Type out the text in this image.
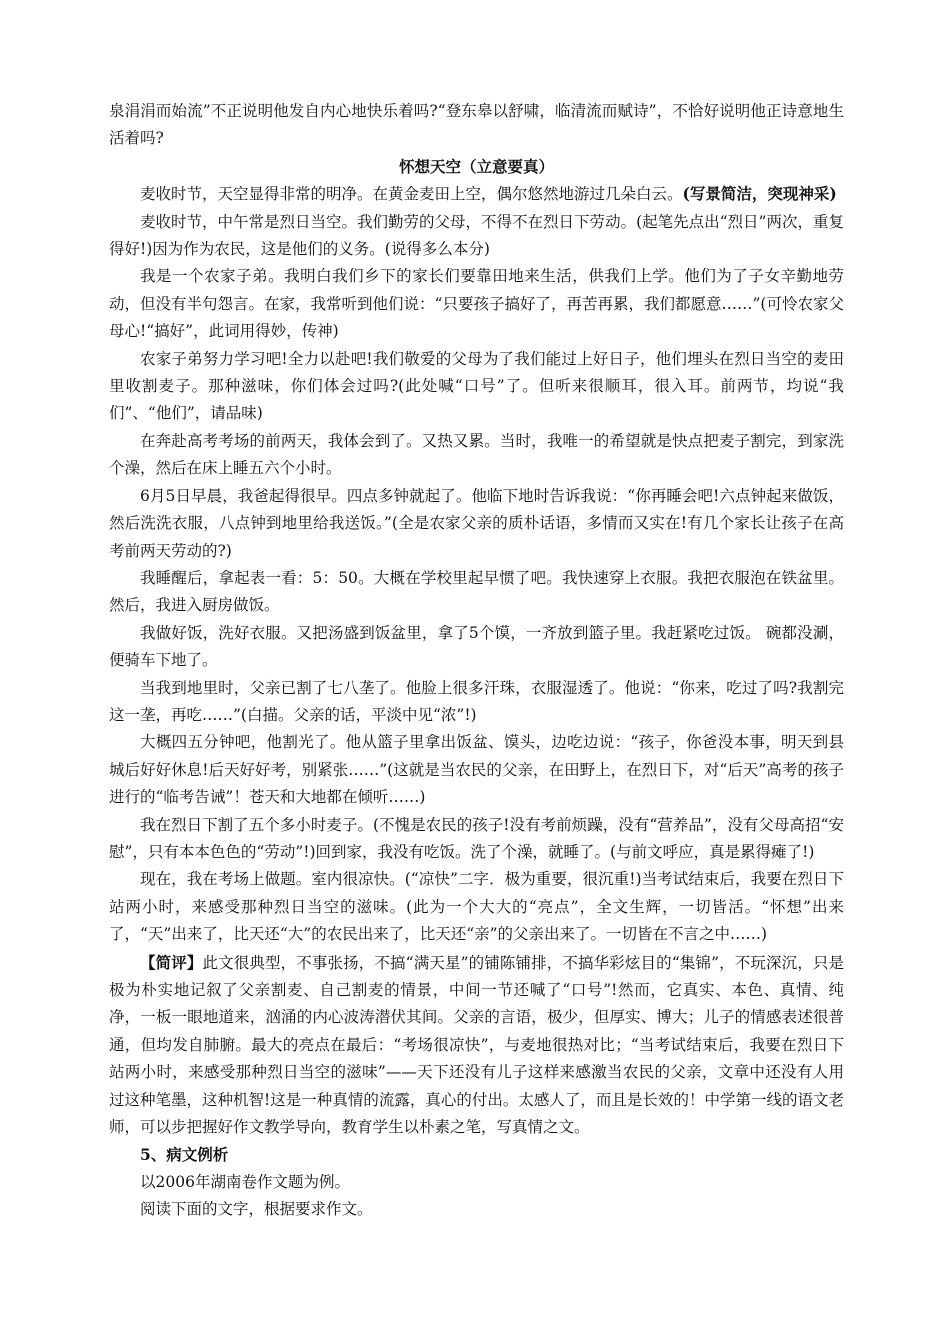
泉涓涓而始流”不正说明他发自内心地快乐着吗?“登东皋以舒啸，临清流而赋诗”，不恰好说明他正诗意地生活着吗?

怀想天空（立意要真）

麦收时节，天空显得非常的明净。在黄金麦田上空，偶尔悠然地游过几朵白云。(写景简洁，突现神采)

麦收时节，中午常是烈日当空。我们勤劳的父母，不得不在烈日下劳动。(起笔先点出“烈日”两次，重复得好!)因为作为农民，这是他们的义务。(说得多么本分)

我是一个农家子弟。我明白我们乡下的家长们要靠田地来生活，供我们上学。他们为了子女辛勤地劳动，但没有半句怨言。在家，我常听到他们说：“只要孩子搞好了，再苦再累，我们都愿意……”(可怜农家父母心!“搞好”，此词用得妙，传神)

农家子弟努力学习吧!全力以赴吧!我们敬爱的父母为了我们能过上好日子，他们埋头在烈日当空的麦田里收割麦子。那种滋味，你们体会过吗?(此处喊“口号”了。但听来很顺耳，很入耳。前两节，均说“我们”、“他们”，请品味)

在奔赴高考考场的前两天，我体会到了。又热又累。当时，我唯一的希望就是快点把麦子割完，到家洗个澡，然后在床上睡五六个小时。

6月5日早晨，我爸起得很早。四点多钟就起了。他临下地时告诉我说：“你再睡会吧!六点钟起来做饭，然后洗洗衣服，八点钟到地里给我送饭。”(全是农家父亲的质朴话语，多情而又实在!有几个家长让孩子在高考前两天劳动的?)

我睡醒后，拿起表一看：5：50。大概在学校里起早惯了吧。我快速穿上衣服。我把衣服泡在铁盆里。然后，我进入厨房做饭。

我做好饭，洗好衣服。又把汤盛到饭盆里，拿了5个馍，一齐放到篮子里。我赶紧吃过饭。 碗都没涮，便骑车下地了。

当我到地里时，父亲已割了七八垄了。他脸上很多汗珠，衣服湿透了。他说：“你来，吃过了吗?我割完这一垄，再吃……”(白描。父亲的话，平淡中见“浓”!)

大概四五分钟吧，他割光了。他从篮子里拿出饭盆、馍头，边吃边说：“孩子，你爸没本事，明天到县城后好好休息!后天好好考，别紧张……”(这就是当农民的父亲，在田野上，在烈日下，对“后天”高考的孩子进行的“临考告诫”！苍天和大地都在倾听……)

我在烈日下割了五个多小时麦子。(不愧是农民的孩子!没有考前烦躁，没有“营养品”，没有父母高招“安慰”，只有本本色色的“劳动”!)回到家，我没有吃饭。洗了个澡，就睡了。(与前文呼应，真是累得瘫了!)

现在，我在考场上做题。室内很凉快。(“凉快”二字．极为重要，很沉重!)当考试结束后，我要在烈日下站两小时，来感受那种烈日当空的滋味。(此为一个大大的“亮点”，全文生辉，一切皆活。“怀想”出来了，“天”出来了，比天还“大”的农民出来了，比天还“亲”的父亲出来了。一切皆在不言之中……)

【简评】此文很典型，不事张扬，不搞“满天星”的铺陈铺排，不搞华彩炫目的“集锦”，不玩深沉，只是极为朴实地记叙了父亲割麦、自己割麦的情景，中间一节还喊了“口号”!然而，它真实、本色、真情、纯净，一板一眼地道来，汹涌的内心波涛潜伏其间。父亲的言语，极少，但厚实、博大；儿子的情感表述很普通，但均发自肺腑。最大的亮点在最后：“考场很凉快”，与麦地很热对比；“当考试结束后，我要在烈日下站两小时，来感受那种烈日当空的滋味”——天下还没有儿子这样来感激当农民的父亲，文章中还没有人用过这种笔墨，这种机智!这是一种真情的流露，真心的付出。太感人了，而且是长效的！中学第一线的语文老师，可以步把握好作文教学导向，教育学生以朴素之笔，写真情之文。

5、病文例析

以2006年湖南卷作文题为例。

阅读下面的文字，根据要求作文。
